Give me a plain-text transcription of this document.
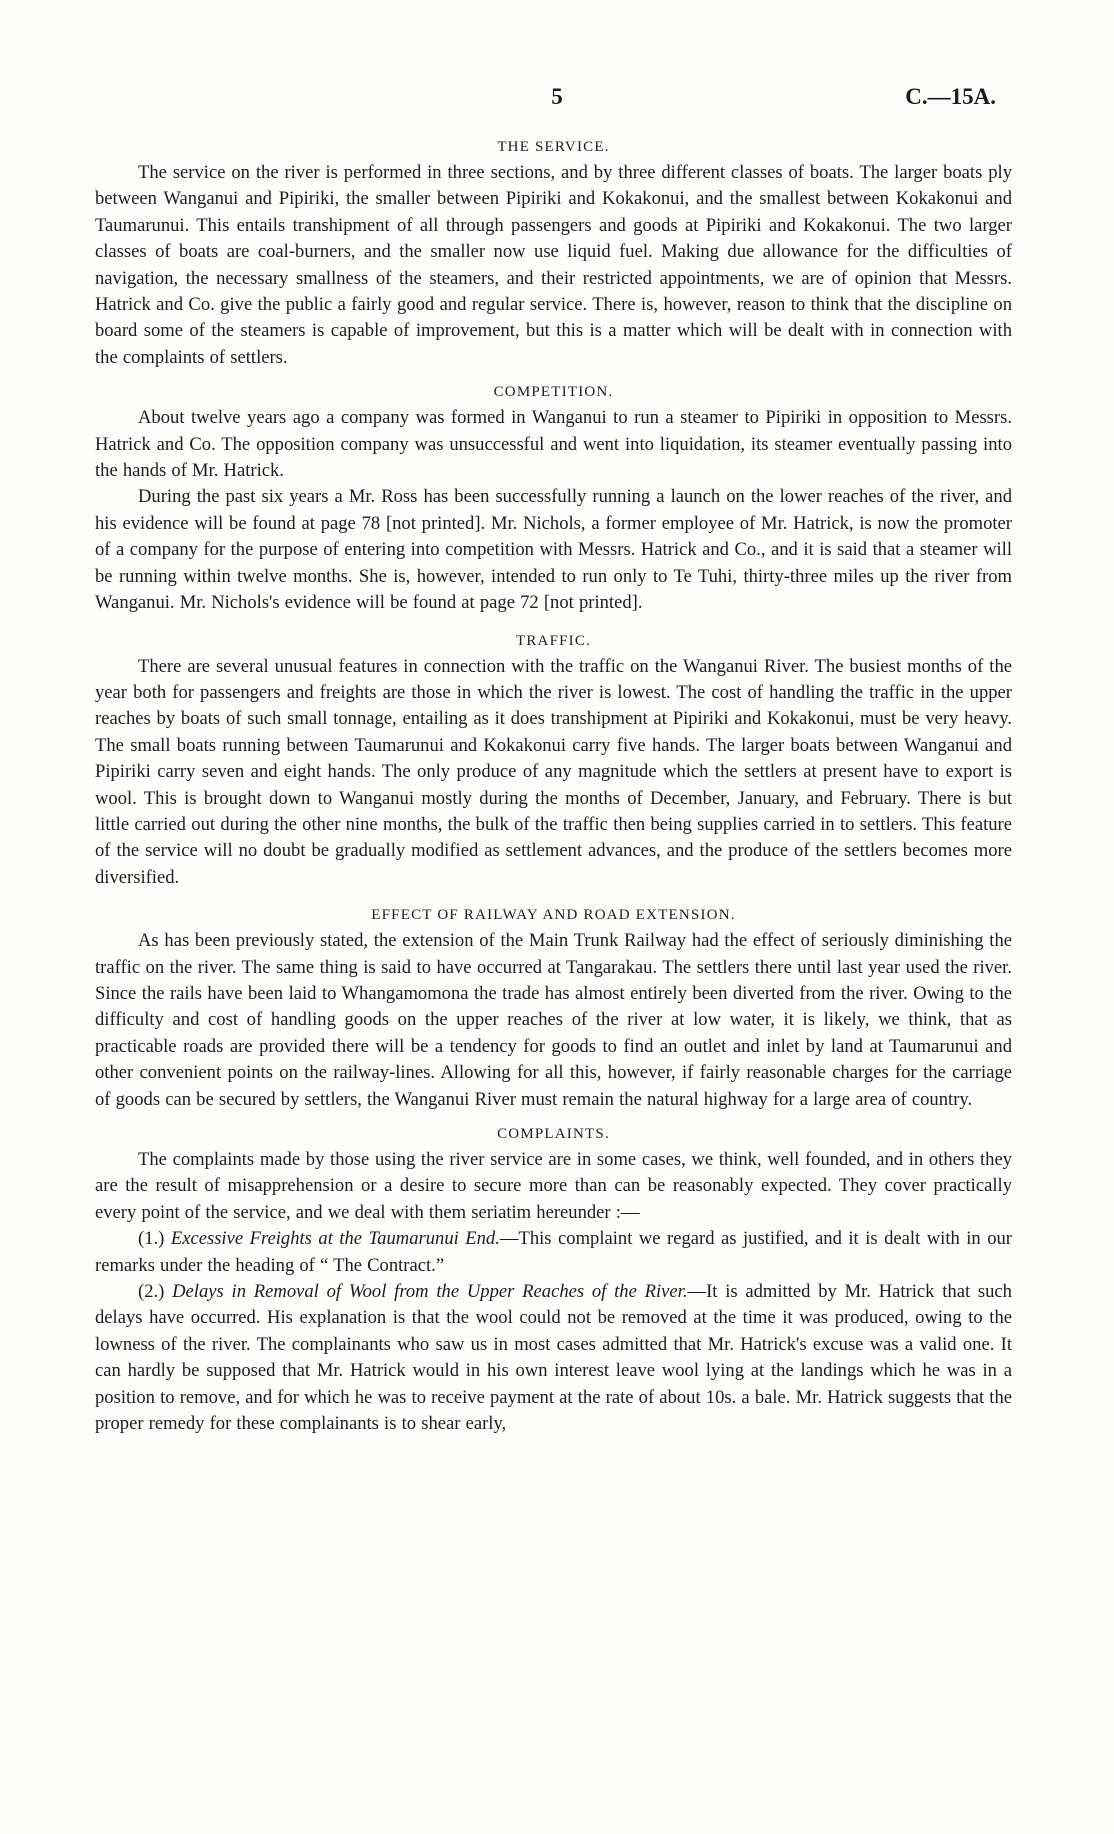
5	C.—15A.
THE SERVICE.

The service on the river is performed in three sections, and by three different classes of boats. The larger boats ply between Wanganui and Pipiriki, the smaller between Pipiriki and Kokakonui, and the smallest between Kokakonui and Taumarunui. This entails transhipment of all through passengers and goods at Pipiriki and Kokakonui. The two larger classes of boats are coal-burners, and the smaller now use liquid fuel. Making due allowance for the difficulties of navigation, the necessary smallness of the steamers, and their restricted appointments, we are of opinion that Messrs. Hatrick and Co. give the public a fairly good and regular service. There is, however, reason to think that the discipline on board some of the steamers is capable of improvement, but this is a matter which will be dealt with in connection with the complaints of settlers.

COMPETITION.

About twelve years ago a company was formed in Wanganui to run a steamer to Pipiriki in opposition to Messrs. Hatrick and Co. The opposition company was unsuccessful and went into liquidation, its steamer eventually passing into the hands of Mr. Hatrick.

During the past six years a Mr. Ross has been successfully running a launch on the lower reaches of the river, and his evidence will be found at page 78 [not printed]. Mr. Nichols, a former employee of Mr. Hatrick, is now the promoter of a company for the purpose of entering into competition with Messrs. Hatrick and Co., and it is said that a steamer will be running within twelve months. She is, however, intended to run only to Te Tuhi, thirty-three miles up the river from Wanganui. Mr. Nichols's evidence will be found at page 72 [not printed].

TRAFFIC.

There are several unusual features in connection with the traffic on the Wanganui River. The busiest months of the year both for passengers and freights are those in which the river is lowest. The cost of handling the traffic in the upper reaches by boats of such small tonnage, entailing as it does transhipment at Pipiriki and Kokakonui, must be very heavy. The small boats running between Taumarunui and Kokakonui carry five hands. The larger boats between Wanganui and Pipiriki carry seven and eight hands. The only produce of any magnitude which the settlers at present have to export is wool. This is brought down to Wanganui mostly during the months of December, January, and February. There is but little carried out during the other nine months, the bulk of the traffic then being supplies carried in to settlers. This feature of the service will no doubt be gradually modified as settlement advances, and the produce of the settlers becomes more diversified.

EFFECT OF RAILWAY AND ROAD EXTENSION.

As has been previously stated, the extension of the Main Trunk Railway had the effect of seriously diminishing the traffic on the river. The same thing is said to have occurred at Tangarakau. The settlers there until last year used the river. Since the rails have been laid to Whangamomona the trade has almost entirely been diverted from the river. Owing to the difficulty and cost of handling goods on the upper reaches of the river at low water, it is likely, we think, that as practicable roads are provided there will be a tendency for goods to find an outlet and inlet by land at Taumarunui and other convenient points on the railway-lines. Allowing for all this, however, if fairly reasonable charges for the carriage of goods can be secured by settlers, the Wanganui River must remain the natural highway for a large area of country.

COMPLAINTS.

The complaints made by those using the river service are in some cases, we think, well founded, and in others they are the result of misapprehension or a desire to secure more than can be reasonably expected. They cover practically every point of the service, and we deal with them seriatim hereunder :—

(1.) Excessive Freights at the Taumarunui End.—This complaint we regard as justified, and it is dealt with in our remarks under the heading of “ The Contract.”

(2.) Delays in Removal of Wool from the Upper Reaches of the River.—It is admitted by Mr. Hatrick that such delays have occurred. His explanation is that the wool could not be removed at the time it was produced, owing to the lowness of the river. The complainants who saw us in most cases admitted that Mr. Hatrick's excuse was a valid one. It can hardly be supposed that Mr. Hatrick would in his own interest leave wool lying at the landings which he was in a position to remove, and for which he was to receive payment at the rate of about 10s. a bale. Mr. Hatrick suggests that the proper remedy for these complainants is to shear early,
